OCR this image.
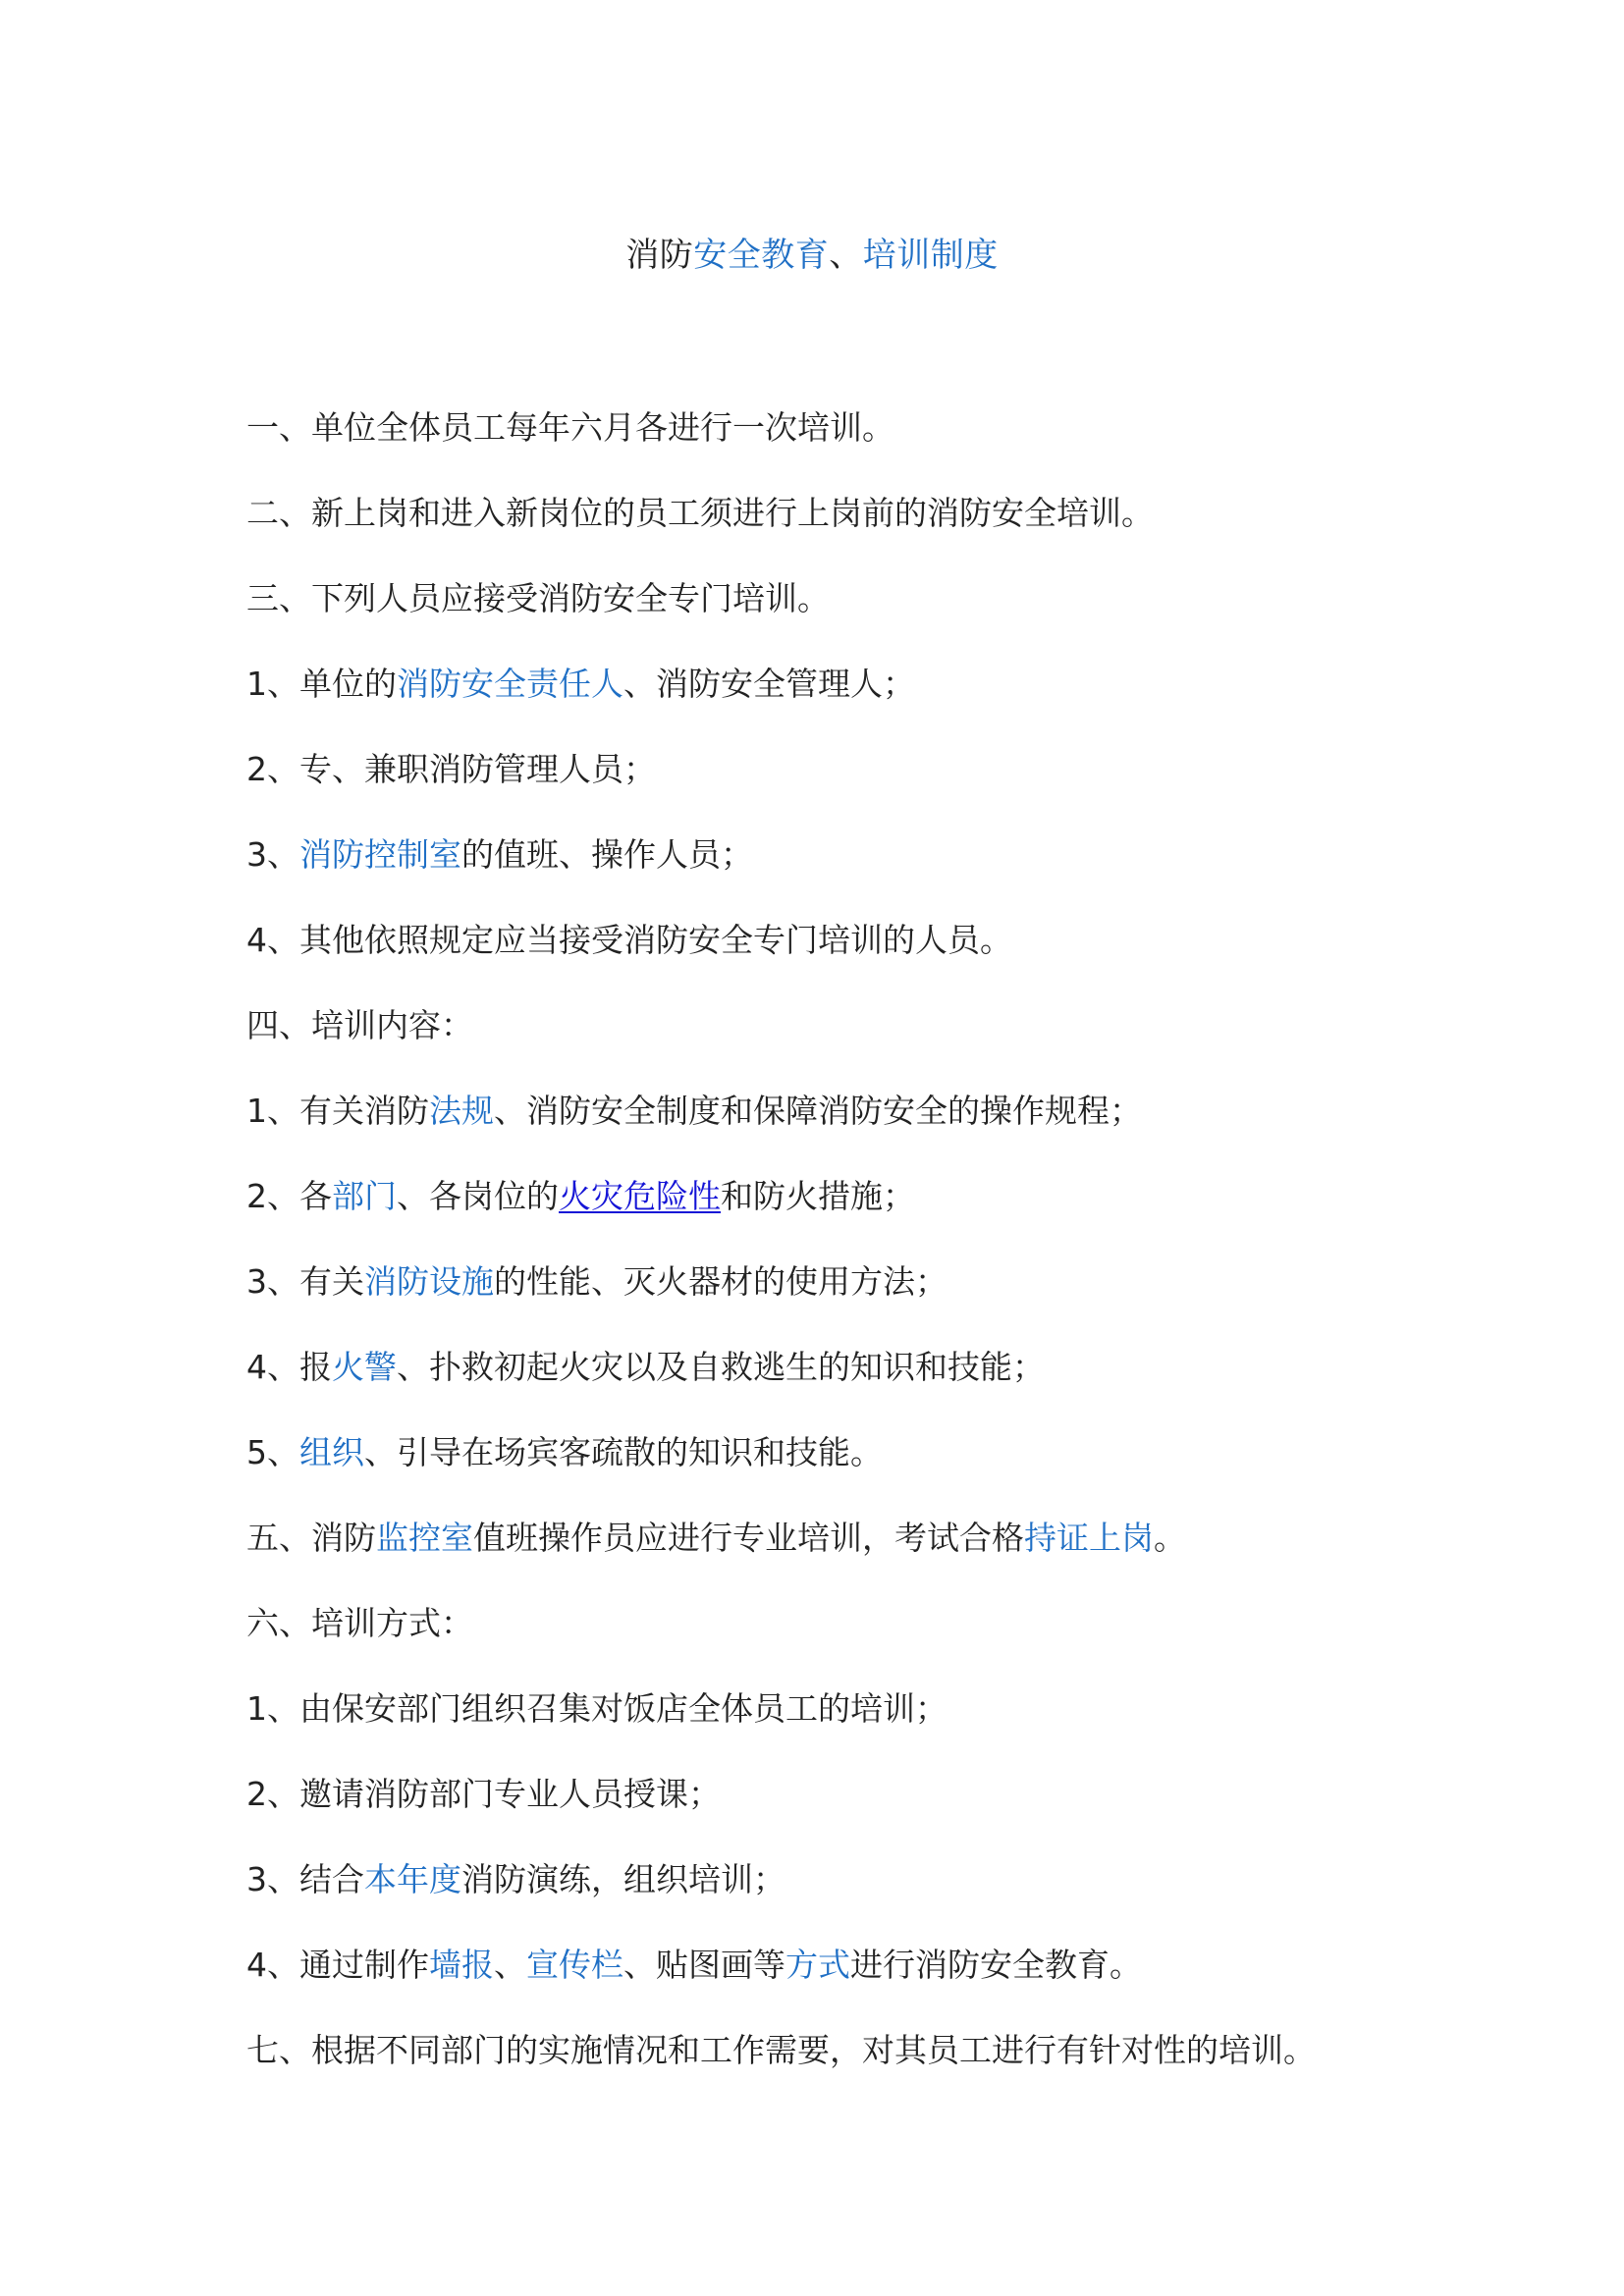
消防安全教育、培训制度

一、单位全体员工每年六月各进行一次培训。

二、新上岗和进入新岗位的员工须进行上岗前的消防安全培训。

三、下列人员应接受消防安全专门培训。

1、单位的消防安全责任人、消防安全管理人；

2、专、兼职消防管理人员；

3、消防控制室的值班、操作人员；

4、其他依照规定应当接受消防安全专门培训的人员。

四、培训内容：

1、有关消防法规、消防安全制度和保障消防安全的操作规程；

2、各部门、各岗位的火灾危险性和防火措施；

3、有关消防设施的性能、灭火器材的使用方法；

4、报火警、扑救初起火灾以及自救逃生的知识和技能；

5、组织、引导在场宾客疏散的知识和技能。

五、消防监控室值班操作员应进行专业培训，考试合格持证上岗。

六、培训方式：

1、由保安部门组织召集对饭店全体员工的培训；

2、邀请消防部门专业人员授课；

3、结合本年度消防演练，组织培训；

4、通过制作墙报、宣传栏、贴图画等方式进行消防安全教育。

七、根据不同部门的实施情况和工作需要，对其员工进行有针对性的培训。
